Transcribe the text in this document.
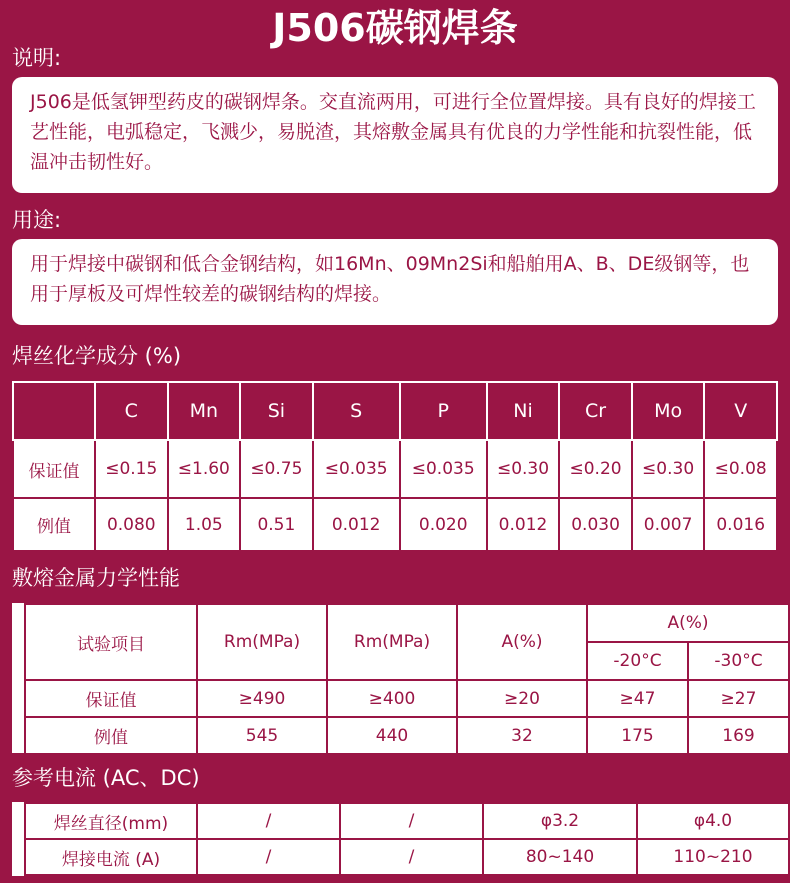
J506碳钢焊条
说明:
J506是低氢钾型药皮的碳钢焊条。交直流两用，可进行全位置焊接。具有良好的焊接工艺性能，电弧稳定，飞溅少，易脱渣，其熔敷金属具有优良的力学性能和抗裂性能，低温冲击韧性好。
用途:
用于焊接中碳钢和低合金钢结构，如16Mn、09Mn2Si和船舶用A、B、DE级钢等，也用于厚板及可焊性较差的碳钢结构的焊接。
焊丝化学成分 (%)
	C	Mn	Si	S	P	Ni	Cr	Mo	V
保证值	≤0.15	≤1.60	≤0.75	≤0.035	≤0.035	≤0.30	≤0.20	≤0.30	≤0.08
例值	0.080	1.05	0.51	0.012	0.020	0.012	0.030	0.007	0.016
敷熔金属力学性能
试验项目	Rm(MPa)	Rm(MPa)	A(%)	A(%)	
				-20°C	-30°C
保证值	≥490	≥400	≥20	≥47	≥27
例值	545	440	32	175	169
参考电流 (AC、DC)
焊丝直径(mm)	/	/	φ3.2	φ4.0
焊接电流 (A)	/	/	80~140	110~210
